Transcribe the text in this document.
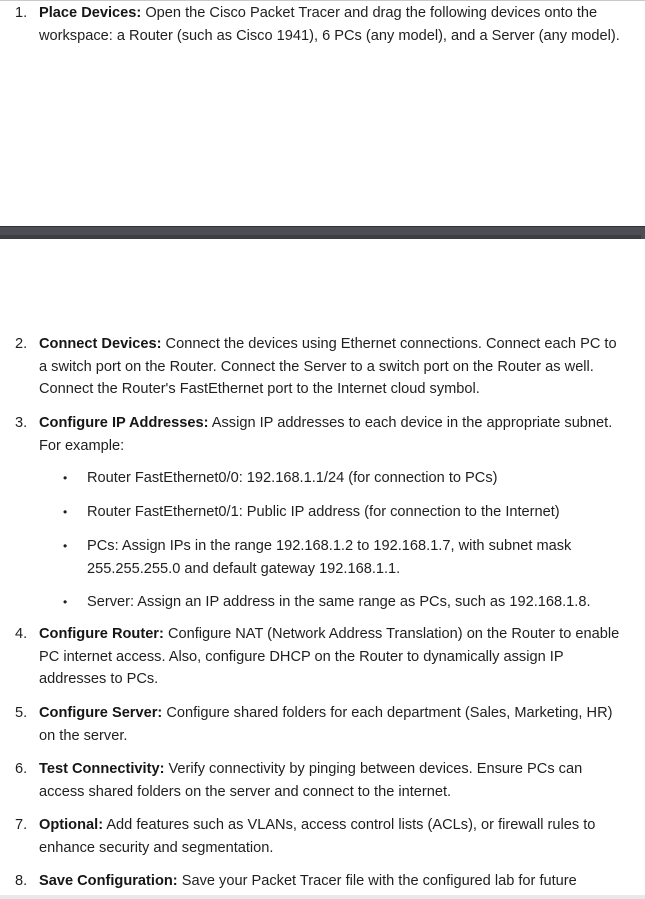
1. Place Devices: Open the Cisco Packet Tracer and drag the following devices onto the workspace: a Router (such as Cisco 1941), 6 PCs (any model), and a Server (any model).
2. Connect Devices: Connect the devices using Ethernet connections. Connect each PC to a switch port on the Router. Connect the Server to a switch port on the Router as well. Connect the Router's FastEthernet port to the Internet cloud symbol.
3. Configure IP Addresses: Assign IP addresses to each device in the appropriate subnet. For example:
• Router FastEthernet0/0: 192.168.1.1/24 (for connection to PCs)
• Router FastEthernet0/1: Public IP address (for connection to the Internet)
• PCs: Assign IPs in the range 192.168.1.2 to 192.168.1.7, with subnet mask 255.255.255.0 and default gateway 192.168.1.1.
• Server: Assign an IP address in the same range as PCs, such as 192.168.1.8.
4. Configure Router: Configure NAT (Network Address Translation) on the Router to enable PC internet access. Also, configure DHCP on the Router to dynamically assign IP addresses to PCs.
5. Configure Server: Configure shared folders for each department (Sales, Marketing, HR) on the server.
6. Test Connectivity: Verify connectivity by pinging between devices. Ensure PCs can access shared folders on the server and connect to the internet.
7. Optional: Add features such as VLANs, access control lists (ACLs), or firewall rules to enhance security and segmentation.
8. Save Configuration: Save your Packet Tracer file with the configured lab for future
